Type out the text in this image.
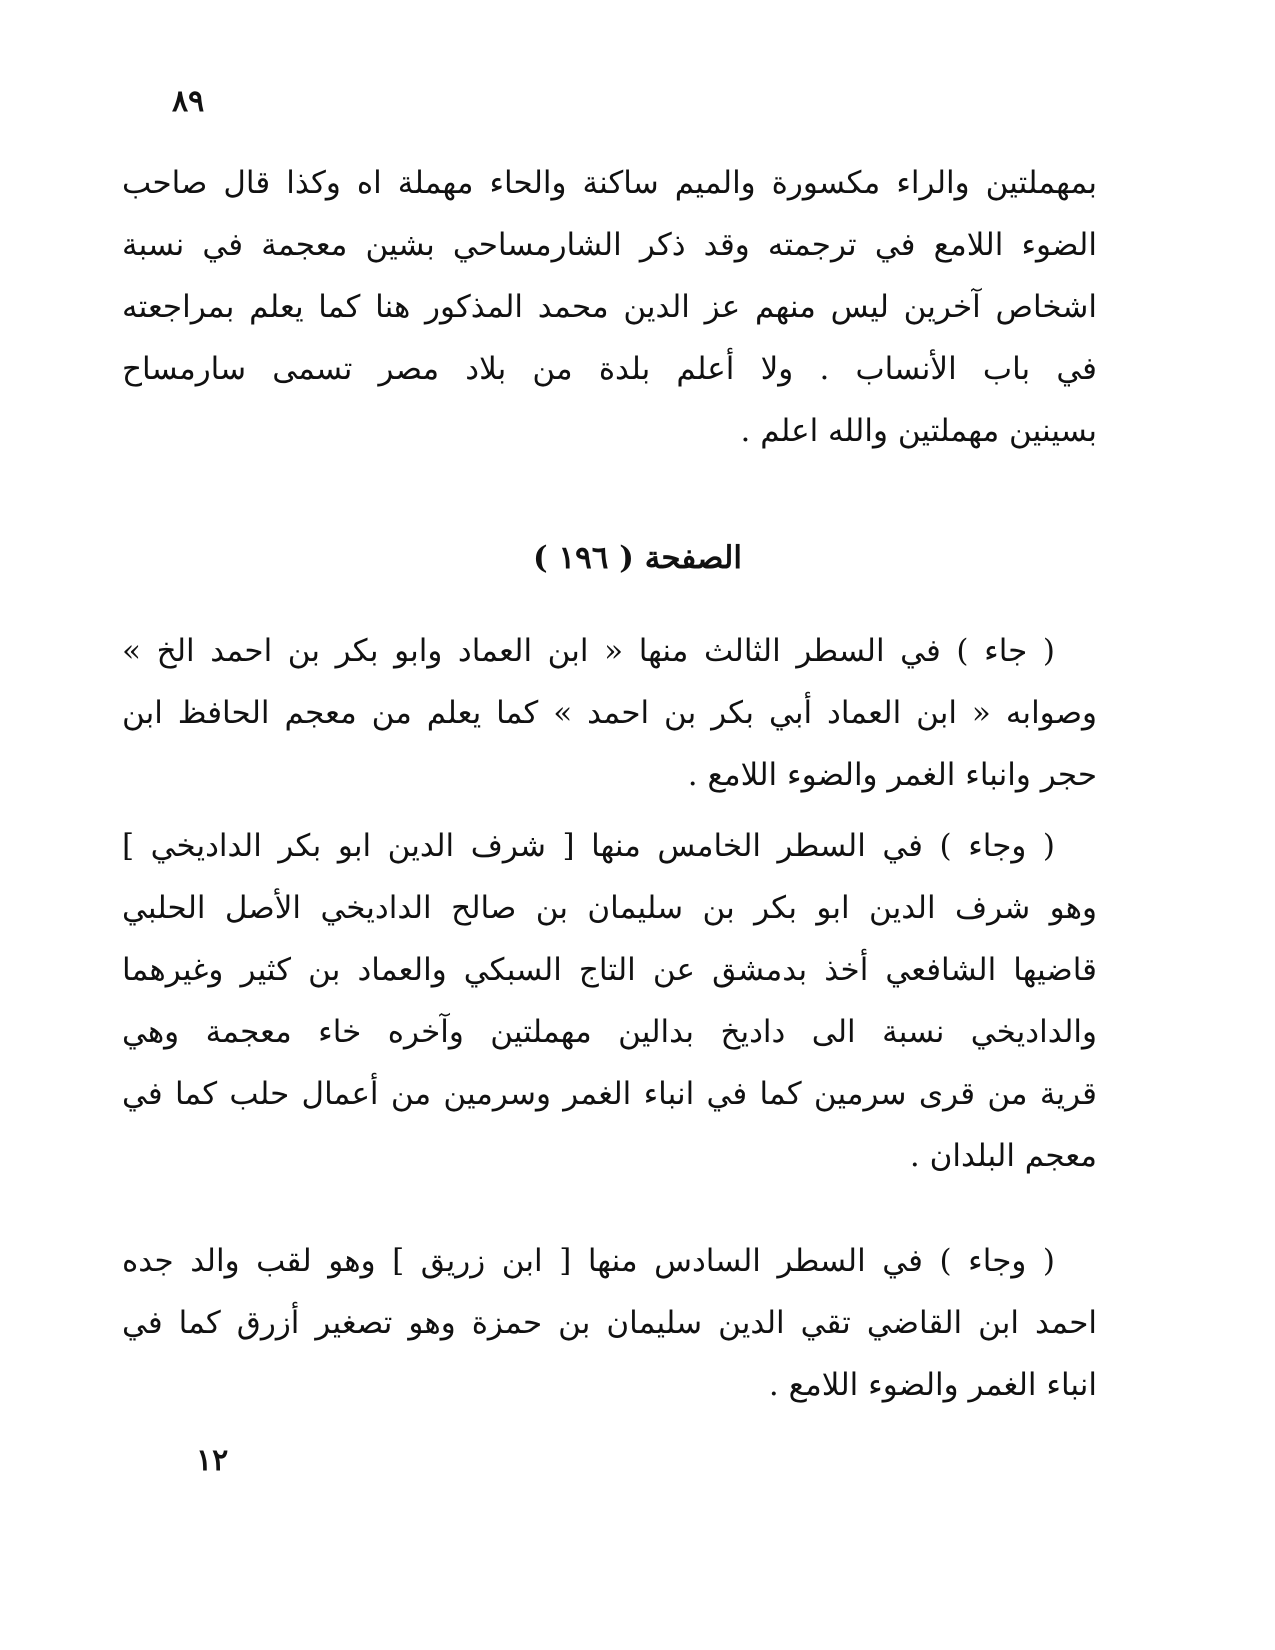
٨٩
بمهملتين والراء مكسورة والميم ساكنة والحاء مهملة اه وكذا قال صاحب
الضوء اللامع في ترجمته وقد ذكر الشارمساحي بشين معجمة في نسبة
اشخاص آخرين ليس منهم عز الدين محمد المذكور هنا كما يعلم بمراجعته
في باب الأنساب . ولا أعلم بلدة من بلاد مصر تسمى سارمساح
بسينين مهملتين والله اعلم .
الصفحة ( ١٩٦ )
( جاء ) في السطر الثالث منها « ابن العماد وابو بكر بن احمد الخ »
وصوابه « ابن العماد أبي بكر بن احمد » كما يعلم من معجم الحافظ ابن
حجر وانباء الغمر والضوء اللامع .
( وجاء ) في السطر الخامس منها [ شرف الدين ابو بكر الداديخي ]
وهو شرف الدين ابو بكر بن سليمان بن صالح الداديخي الأصل الحلبي
قاضيها الشافعي أخذ بدمشق عن التاج السبكي والعماد بن كثير وغيرهما
والداديخي نسبة الى داديخ بدالين مهملتين وآخره خاء معجمة وهي
قرية من قرى سرمين كما في انباء الغمر وسرمين من أعمال حلب كما في
معجم البلدان .
( وجاء ) في السطر السادس منها [ ابن زريق ] وهو لقب والد جده
احمد ابن القاضي تقي الدين سليمان بن حمزة وهو تصغير أزرق كما في
انباء الغمر والضوء اللامع .
١٢
